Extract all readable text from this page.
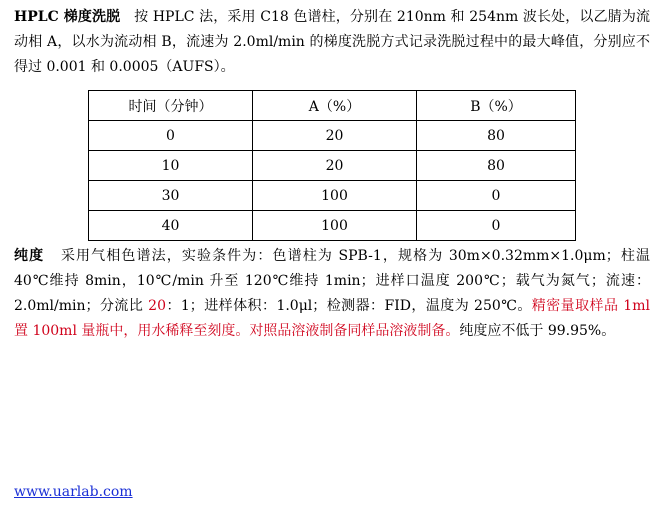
HPLC 梯度洗脱 按 HPLC 法，采用 C18 色谱柱，分别在 210nm 和 254nm 波长处，以乙腈为流动相 A，以水为流动相 B，流速为 2.0ml/min 的梯度洗脱方式记录洗脱过程中的最大峰值，分别应不得过 0.001 和 0.0005（AUFS）。

时间（分钟）	A（%）	B（%）
0	20	80
10	20	80
30	100	0
40	100	0

纯度 采用气相色谱法，实验条件为：色谱柱为 SPB-1，规格为 30m×0.32mm×1.0μm；柱温 40℃维持 8min，10℃/min 升至 120℃维持 1min；进样口温度 200℃；载气为氮气；流速：2.0ml/min；分流比 20：1；进样体积：1.0μl；检测器：FID，温度为 250℃。精密量取样品 1ml 置 100ml 量瓶中，用水稀释至刻度。对照品溶液制备同样品溶液制备。纯度应不低于 99.95%。

www.uarlab.com
